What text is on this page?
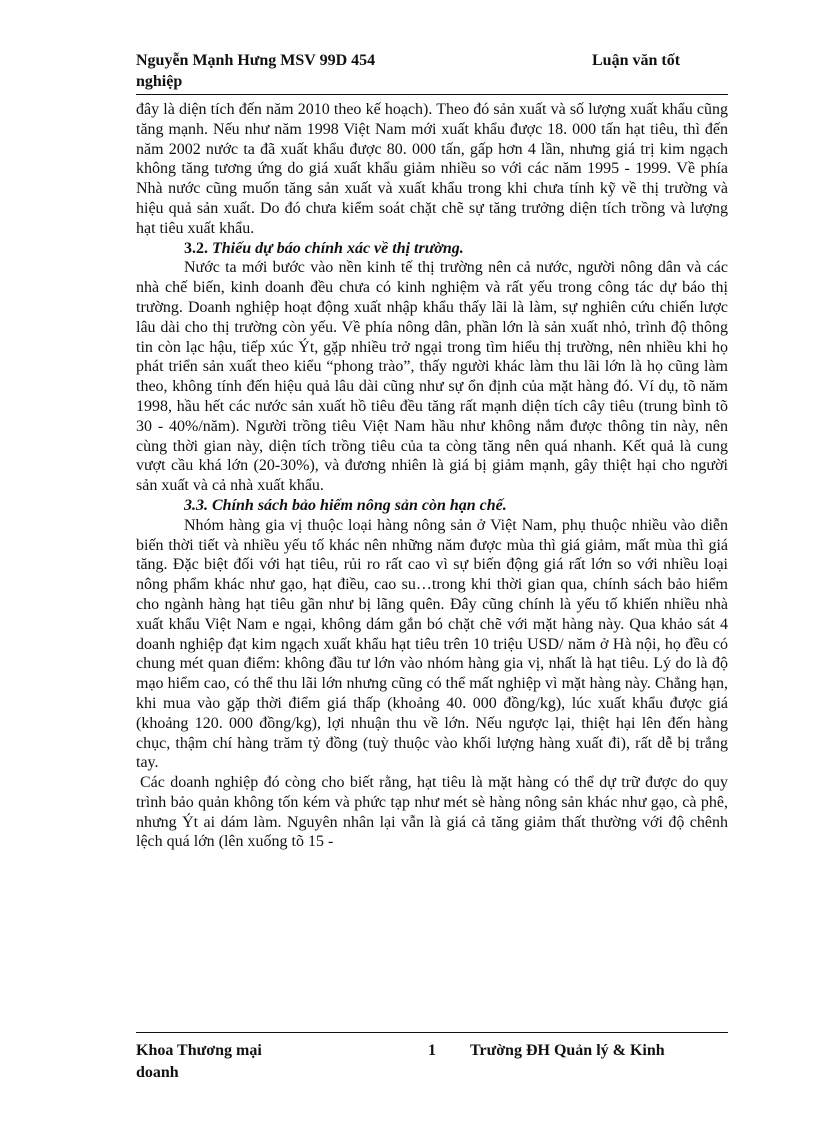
Nguyễn Mạnh Hưng MSV 99D 454	Luận văn tốt
nghiệp

đây là diện tích đến năm 2010 theo kế hoạch). Theo đó sản xuất và số lượng xuất khẩu cũng tăng mạnh. Nếu như năm 1998 Việt Nam mới xuất khẩu được 18. 000 tấn hạt tiêu, thì đến năm 2002 nước ta đã xuất khẩu được 80. 000 tấn, gấp hơn 4 lần, nhưng giá trị kim ngạch không tăng tương ứng do giá xuất khẩu giảm nhiều so với các năm 1995 - 1999. Về phía Nhà nước cũng muốn tăng sản xuất và xuất khẩu trong khi chưa tính kỹ về thị trường và hiệu quả sản xuất. Do đó chưa kiểm soát chặt chẽ sự tăng trưởng diện tích trồng và lượng hạt tiêu xuất khẩu.

3.2. Thiếu dự báo chính xác về thị trường.

Nước ta mới bước vào nền kinh tế thị trường nên cả nước, người nông dân và các nhà chế biến, kinh doanh đều chưa có kinh nghiệm và rất yếu trong công tác dự báo thị trường. Doanh nghiệp hoạt động xuất nhập khẩu thấy lãi là làm, sự nghiên cứu chiến lược lâu dài cho thị trường còn yếu. Về phía nông dân, phần lớn là sản xuất nhỏ, trình độ thông tin còn lạc hậu, tiếp xúc Ýt, gặp nhiều trở ngại trong tìm hiểu thị trường, nên nhiều khi họ phát triển sản xuất theo kiểu “phong trào”, thấy người khác làm thu lãi lớn là họ cũng làm theo, không tính đến hiệu quả lâu dài cũng như sự ổn định của mặt hàng đó. Ví dụ, tõ năm 1998, hầu hết các nước sản xuất hồ tiêu đều tăng rất mạnh diện tích cây tiêu (trung bình tõ 30 - 40%/năm). Người trồng tiêu Việt Nam hầu như không nắm được thông tin này, nên cùng thời gian này, diện tích trồng tiêu của ta còng tăng nên quá nhanh. Kết quả là cung vượt cầu khá lớn (20-30%), và đương nhiên là giá bị giảm mạnh, gây thiệt hại cho người sản xuất và cả nhà xuất khẩu.

3.3. Chính sách bảo hiểm nông sản còn hạn chế.

Nhóm hàng gia vị thuộc loại hàng nông sản ở Việt Nam, phụ thuộc nhiều vào diễn biến thời tiết và nhiều yếu tố khác nên những năm được mùa thì giá giảm, mất mùa thì giá tăng. Đặc biệt đối với hạt tiêu, rủi ro rất cao vì sự biến động giá rất lớn so với nhiều loại nông phẩm khác như gạo, hạt điều, cao su…trong khi thời gian qua, chính sách bảo hiểm cho ngành hàng hạt tiêu gần như bị lãng quên. Đây cũng chính là yếu tố khiến nhiều nhà xuất khẩu Việt Nam e ngại, không dám gắn bó chặt chẽ với mặt hàng này. Qua khảo sát 4 doanh nghiệp đạt kim ngạch xuất khẩu hạt tiêu trên 10 triệu USD/ năm ở Hà nội, họ đều có chung mét quan điểm: không đầu tư lớn vào nhóm hàng gia vị, nhất là hạt tiêu. Lý do là độ mạo hiểm cao, có thể thu lãi lớn nhưng cũng có thể mất nghiệp vì mặt hàng này. Chẳng hạn, khi mua vào gặp thời điểm giá thấp (khoảng 40. 000 đồng/kg), lúc xuất khẩu được giá (khoảng 120. 000 đồng/kg), lợi nhuận thu về lớn. Nếu ngược lại, thiệt hại lên đến hàng chục, thậm chí hàng trăm tỷ đồng (tuỳ thuộc vào khối lượng hàng xuất đi), rất dễ bị trắng tay.

Các doanh nghiệp đó còng cho biết rằng, hạt tiêu là mặt hàng có thể dự trữ được do quy trình bảo quản không tốn kém và phức tạp như mét sè hàng nông sản khác như gạo, cà phê, nhưng Ýt ai dám làm. Nguyên nhân lại vẫn là giá cả tăng giảm thất thường với độ chênh lệch quá lớn (lên xuống tõ 15 -

Khoa Thương mại
doanh
1 Trường ĐH Quản lý & Kinh
